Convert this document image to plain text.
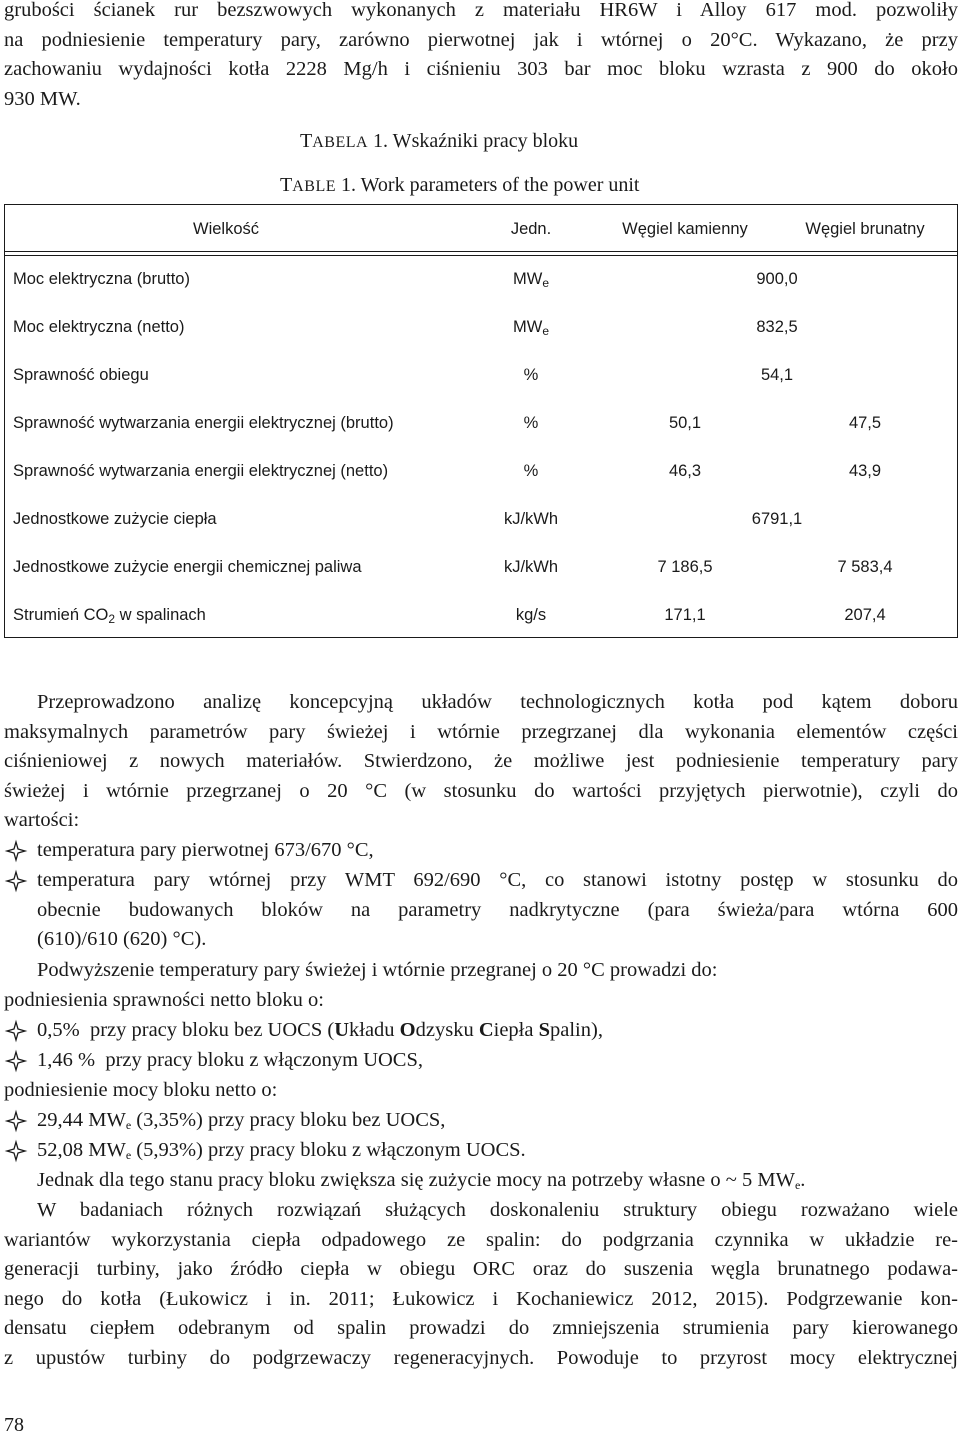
grubości ścianek rur bezszwowych wykonanych z materiału HR6W i Alloy 617 mod. pozwoliły
na podniesienie temperatury pary, zarówno pierwotnej jak i wtórnej o 20°C. Wykazano, że przy
zachowaniu wydajności kotła 2228 Mg/h i ciśnieniu 303 bar moc bloku wzrasta z 900 do około
930 MW.

TABELA 1. Wskaźniki pracy bloku
TABLE 1. Work parameters of the power unit
Wielkość	Jedn.	Węgiel kamienny	Węgiel brunatny
Moc elektryczna (brutto)	$MW_e$	900,0
Moc elektryczna (netto)	$MW_e$	832,5
Sprawność obiegu	%	54,1
Sprawność wytwarzania energii elektrycznej (brutto)	%	50,1	47,5
Sprawność wytwarzania energii elektrycznej (netto)	%	46,3	43,9
Jednostkowe zużycie ciepła	kJ/kWh	6791,1
Jednostkowe zużycie energii chemicznej paliwa	kJ/kWh	7 186,5	7 583,4
Strumień $CO_2$ w spalinach	kg/s	171,1	207,4

Przeprowadzono analizę koncepcyjną układów technologicznych kotła pod kątem doboru
maksymalnych parametrów pary świeżej i wtórnie przegrzanej dla wykonania elementów części
ciśnieniowej z nowych materiałów. Stwierdzono, że możliwe jest podniesienie temperatury pary
świeżej i wtórnie przegrzanej o 20 °C (w stosunku do wartości przyjętych pierwotnie), czyli do
wartości:

temperatura pary pierwotnej 673/670 °C,
temperatura pary wtórnej przy WMT 692/690 °C, co stanowi istotny postęp w stosunku do
obecnie budowanych bloków na parametry nadkrytyczne (para świeża/para wtórna 600
(610)/610 (620) °C).

Podwyższenie temperatury pary świeżej i wtórnie przegranej o 20 °C prowadzi do:
podniesienia sprawności netto bloku o:

0,5%  przy pracy bloku bez UOCS (Układu Odzysku Ciepła Spalin),
1,46 %  przy pracy bloku z włączonym UOCS,

podniesienie mocy bloku netto o:

29,44 $MW_e$ (3,35%) przy pracy bloku bez UOCS,
52,08 $MW_e$ (5,93%) przy pracy bloku z włączonym UOCS.

Jednak dla tego stanu pracy bloku zwiększa się zużycie mocy na potrzeby własne o ~ 5 $MW_e$.

W badaniach różnych rozwiązań służących doskonaleniu struktury obiegu rozważano wiele
wariantów wykorzystania ciepła odpadowego ze spalin: do podgrzania czynnika w układzie re-
generacji turbiny, jako źródło ciepła w obiegu ORC oraz do suszenia węgla brunatnego podawa-
nego do kotła (Łukowicz i in. 2011; Łukowicz i Kochaniewicz 2012, 2015). Podgrzewanie kon-
densatu ciepłem odebranym od spalin prowadzi do zmniejszenia strumienia pary kierowanego
z upustów turbiny do podgrzewaczy regeneracyjnych. Powoduje to przyrost mocy elektrycznej

78
